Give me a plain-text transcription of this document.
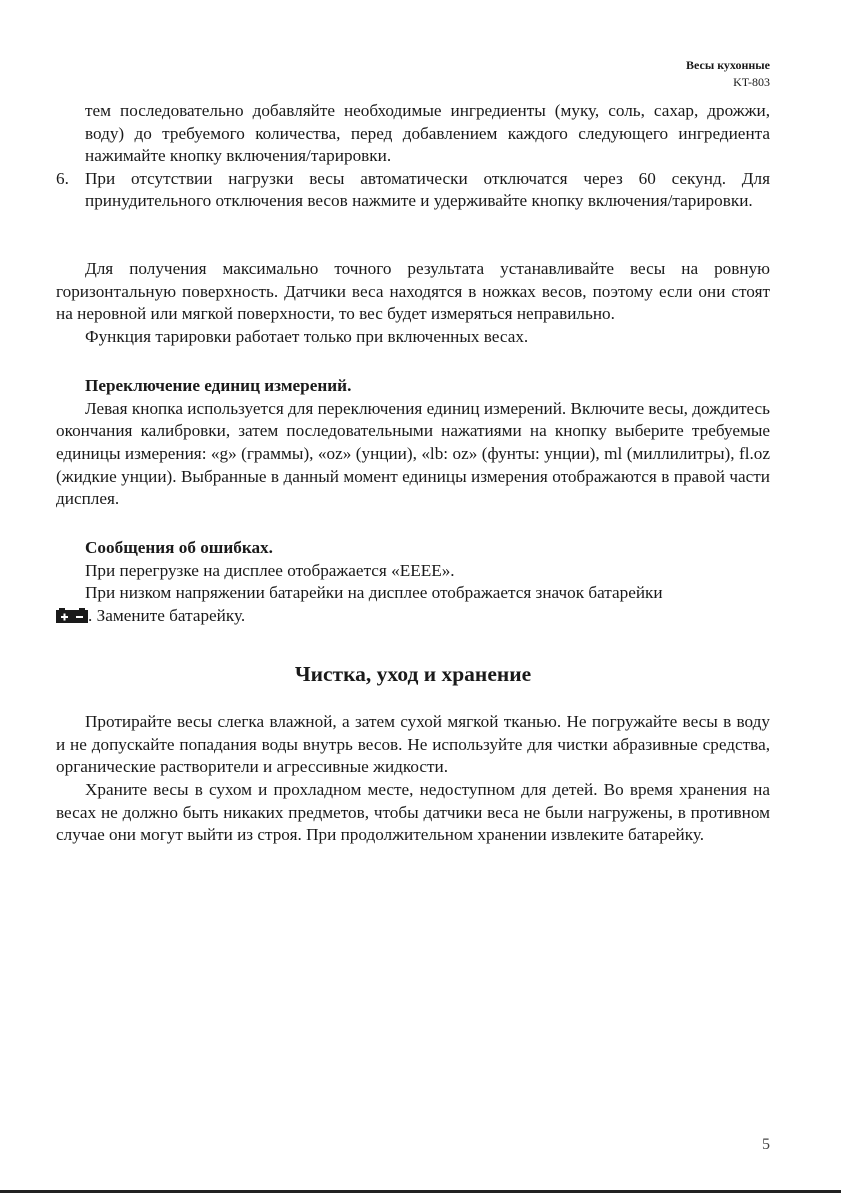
Весы кухонные
KT-803

тем последовательно добавляйте необходимые ингредиенты (муку, соль, сахар, дрожжи, воду) до требуемого количества, перед добавлением каждого следующего ингредиента нажимайте кнопку включения/тарировки.

6. При отсутствии нагрузки весы автоматически отключатся через 60 секунд. Для принудительного отключения весов нажмите и удерживайте кнопку включения/тарировки.

Для получения максимально точного результата устанавливайте весы на ровную горизонтальную поверхность. Датчики веса находятся в ножках весов, поэтому если они стоят на неровной или мягкой поверхности, то вес будет измеряться неправильно.

Функция тарировки работает только при включенных весах.

Переключение единиц измерений.

Левая кнопка используется для переключения единиц измерений. Включите весы, дождитесь окончания калибровки, затем последовательными нажатиями на кнопку выберите требуемые единицы измерения: «g» (граммы), «oz» (унции), «lb: oz» (фунты: унции), ml (миллилитры), fl.oz (жидкие унции). Выбранные в данный момент единицы измерения отображаются в правой части дисплея.

Сообщения об ошибках.

При перегрузке на дисплее отображается «EEEE».

При низком напряжении батарейки на дисплее отображается значок батарейки
. Замените батарейку.

Чистка, уход и хранение

Протирайте весы слегка влажной, а затем сухой мягкой тканью. Не погружайте весы в воду и не допускайте попадания воды внутрь весов. Не используйте для чистки абразивные средства, органические растворители и агрессивные жидкости.

Храните весы в сухом и прохладном месте, недоступном для детей. Во время хранения на весах не должно быть никаких предметов, чтобы датчики веса не были нагружены, в противном случае они могут выйти из строя. При продолжительном хранении извлеките батарейку.

5
